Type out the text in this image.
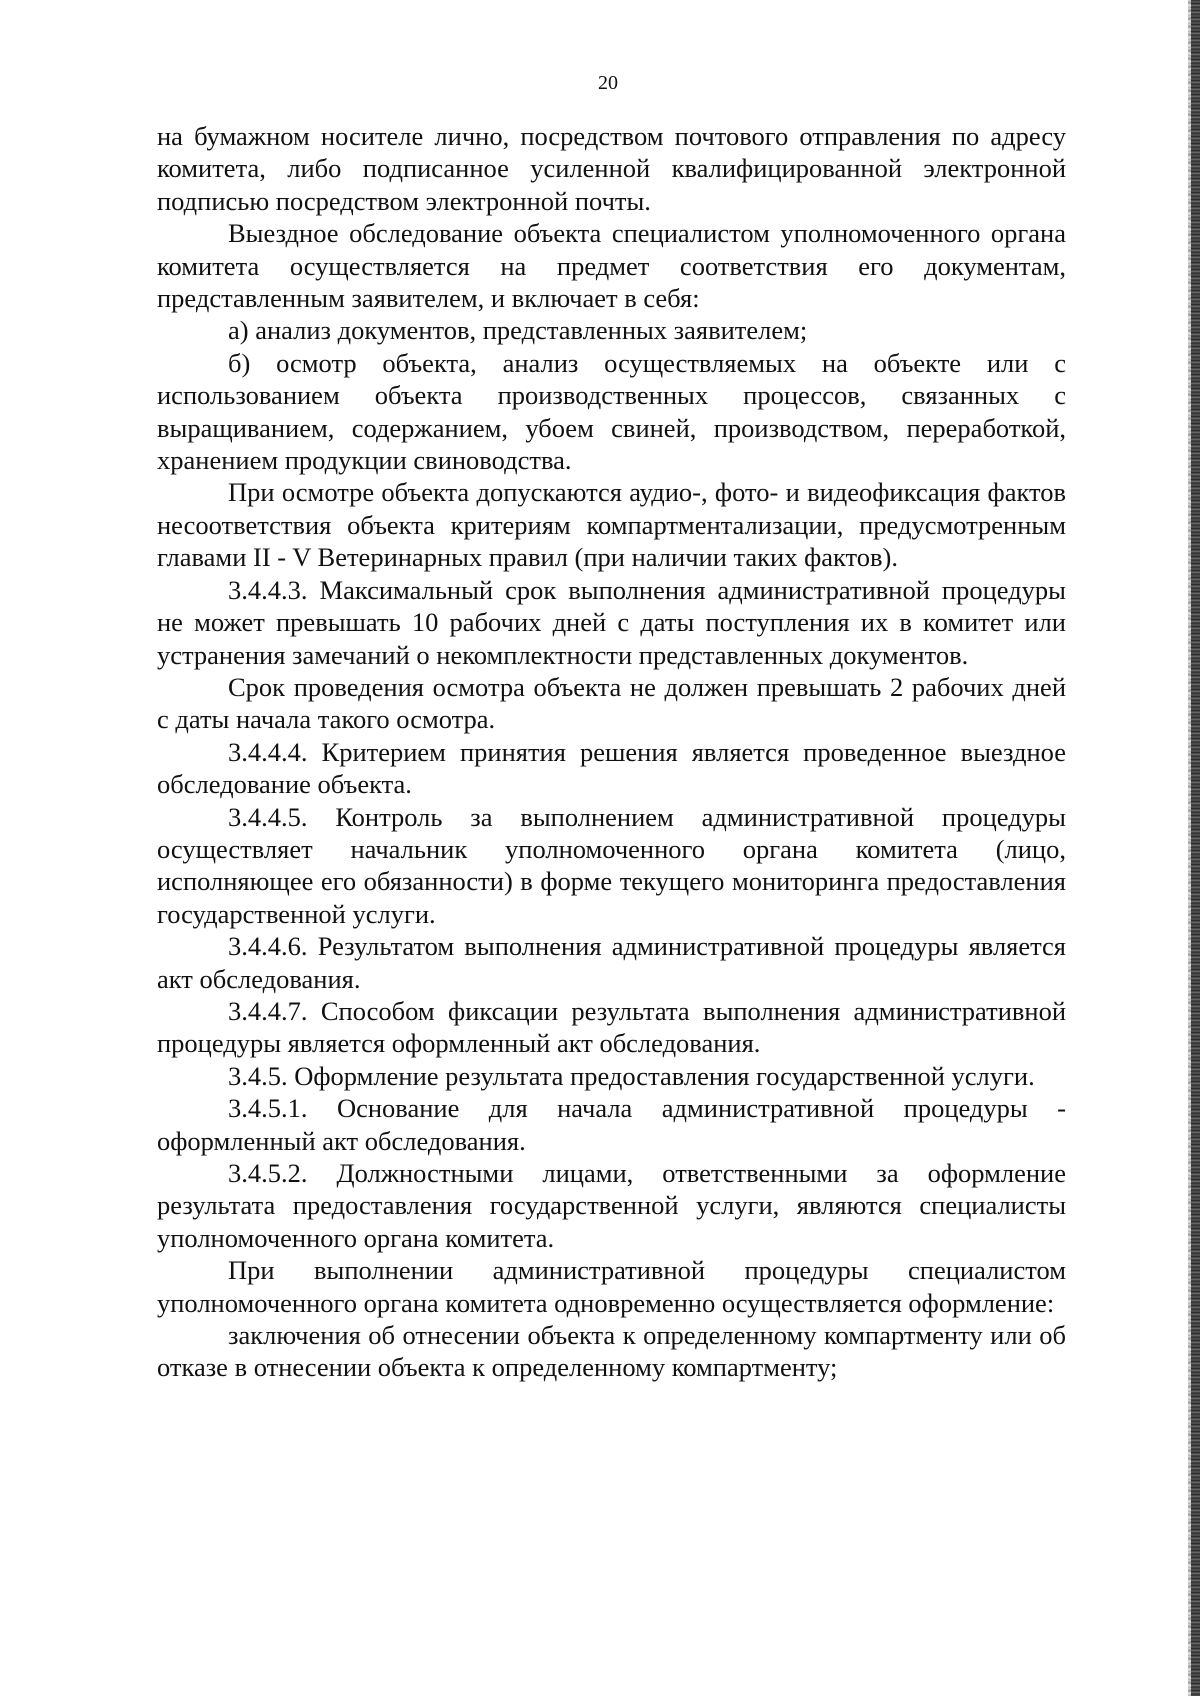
20

на бумажном носителе лично, посредством почтового отправления по адресу комитета, либо подписанное усиленной квалифицированной электронной подписью посредством электронной почты.

Выездное обследование объекта специалистом уполномоченного органа комитета осуществляется на предмет соответствия его документам, представленным заявителем, и включает в себя:

а) анализ документов, представленных заявителем;

б) осмотр объекта, анализ осуществляемых на объекте или с использованием объекта производственных процессов, связанных с выращиванием, содержанием, убоем свиней, производством, переработкой, хранением продукции свиноводства.

При осмотре объекта допускаются аудио-, фото- и видеофиксация фактов несоответствия объекта критериям компартментализации, предусмотренным главами II - V Ветеринарных правил (при наличии таких фактов).

3.4.4.3. Максимальный срок выполнения административной процедуры не может превышать 10 рабочих дней с даты поступления их в комитет или устранения замечаний о некомплектности представленных документов.

Срок проведения осмотра объекта не должен превышать 2 рабочих дней с даты начала такого осмотра.

3.4.4.4. Критерием принятия решения является проведенное выездное обследование объекта.

3.4.4.5. Контроль за выполнением административной процедуры осуществляет начальник уполномоченного органа комитета (лицо, исполняющее его обязанности) в форме текущего мониторинга предоставления государственной услуги.

3.4.4.6. Результатом выполнения административной процедуры является акт обследования.

3.4.4.7. Способом фиксации результата выполнения административной процедуры является оформленный акт обследования.

3.4.5. Оформление результата предоставления государственной услуги.

3.4.5.1. Основание для начала административной процедуры - оформленный акт обследования.

3.4.5.2. Должностными лицами, ответственными за оформление результата предоставления государственной услуги, являются специалисты уполномоченного органа комитета.

При выполнении административной процедуры специалистом уполномоченного органа комитета одновременно осуществляется оформление:

заключения об отнесении объекта к определенному компартменту или об отказе в отнесении объекта к определенному компартменту;
